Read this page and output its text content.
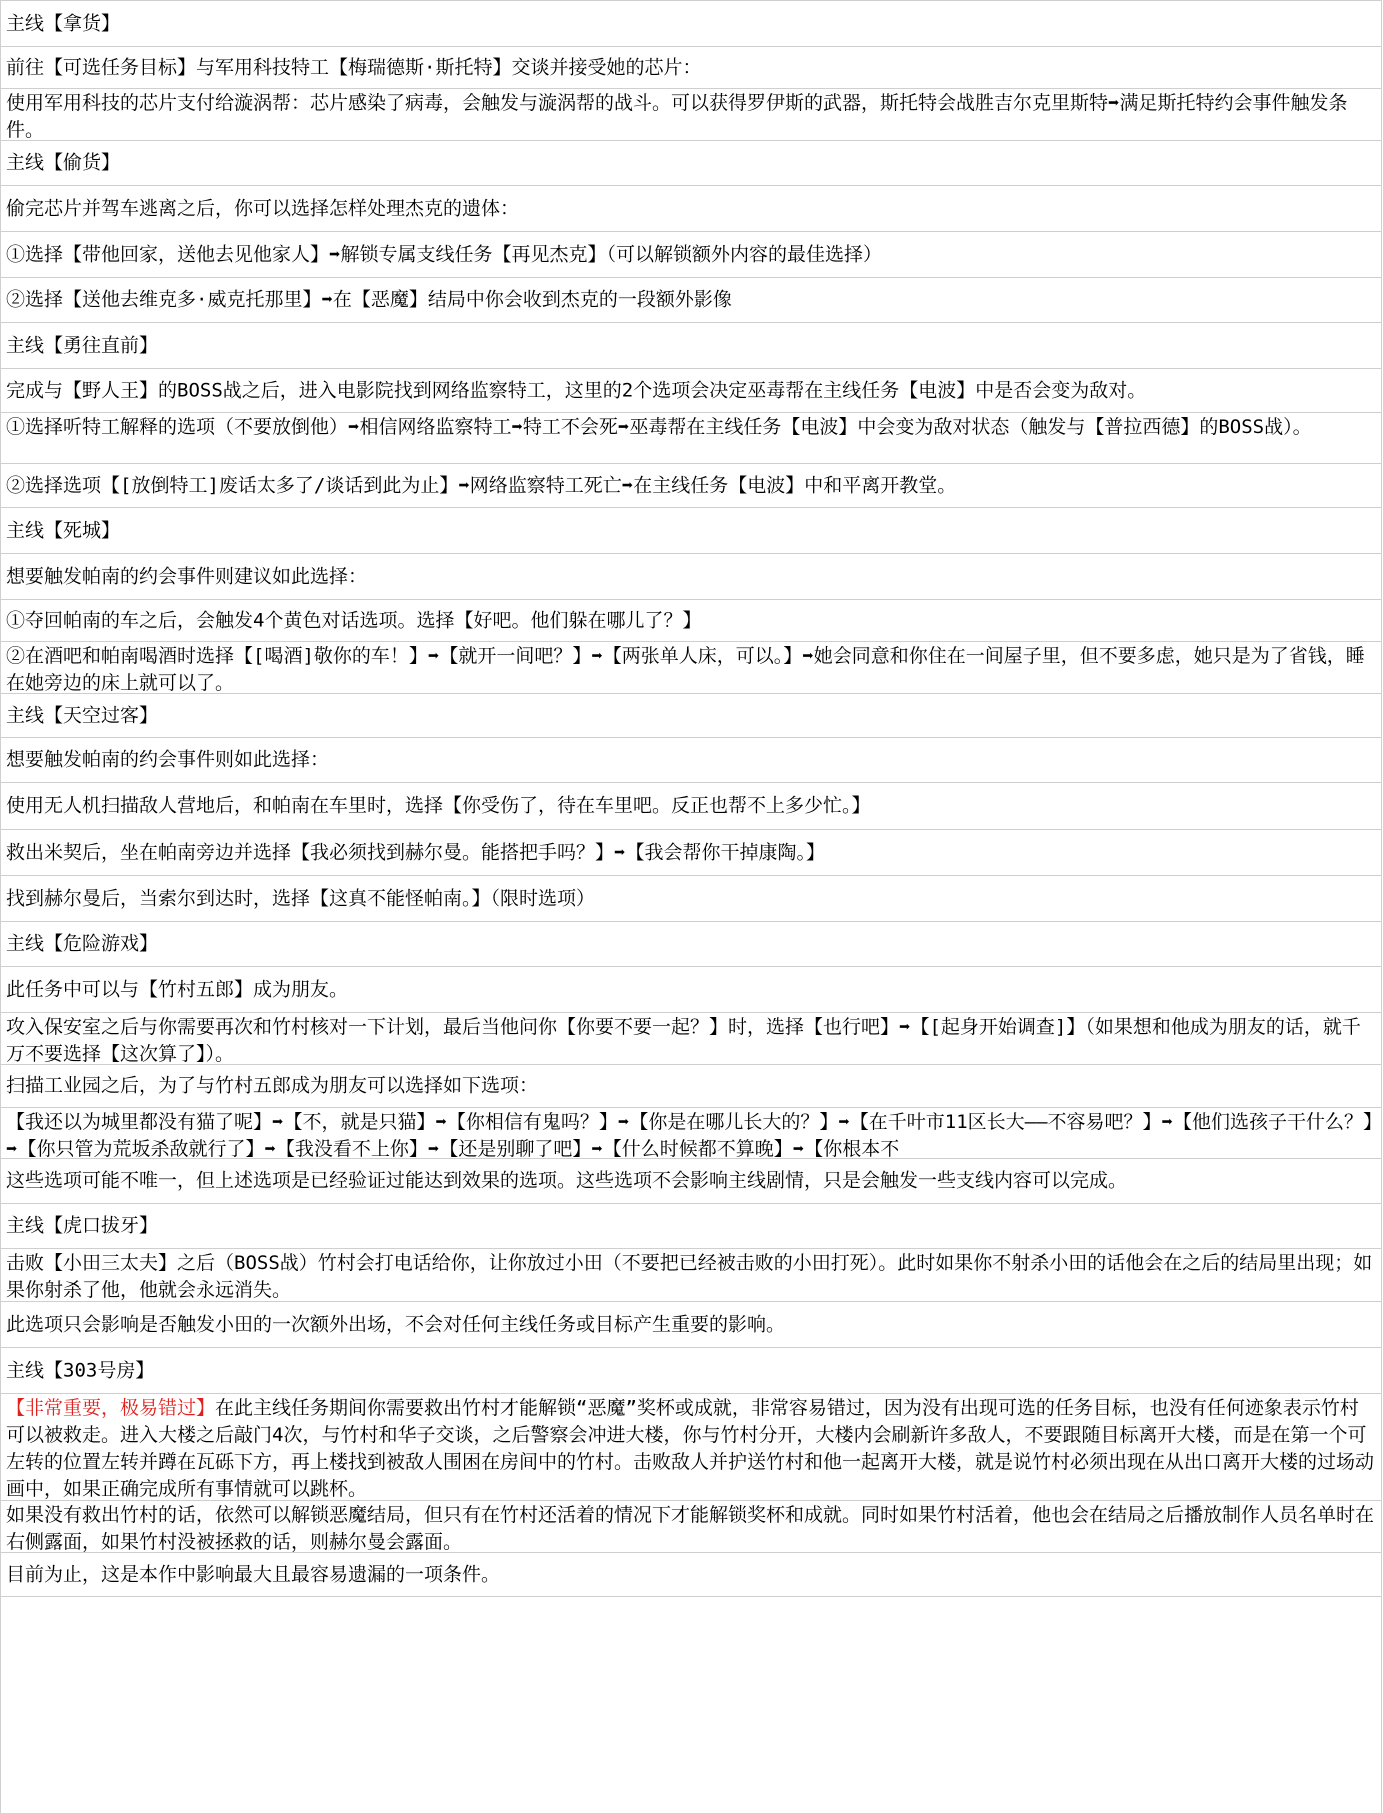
主线【拿货】
前往【可选任务目标】与军用科技特工【梅瑞德斯·斯托特】交谈并接受她的芯片：
使用军用科技的芯片支付给漩涡帮：芯片感染了病毒，会触发与漩涡帮的战斗。可以获得罗伊斯的武器，斯托特会战胜吉尔克里斯特➡满足斯托特约会事件触发条件。
主线【偷货】
偷完芯片并驾车逃离之后，你可以选择怎样处理杰克的遗体：
①选择【带他回家，送他去见他家人】➡解锁专属支线任务【再见杰克】（可以解锁额外内容的最佳选择）
②选择【送他去维克多·威克托那里】➡在【恶魔】结局中你会收到杰克的一段额外影像
主线【勇往直前】
完成与【野人王】的BOSS战之后，进入电影院找到网络监察特工，这里的2个选项会决定巫毒帮在主线任务【电波】中是否会变为敌对。
①选择听特工解释的选项（不要放倒他）➡相信网络监察特工➡特工不会死➡巫毒帮在主线任务【电波】中会变为敌对状态（触发与【普拉西德】的BOSS战）。
②选择选项【[放倒特工]废话太多了/谈话到此为止】➡网络监察特工死亡➡在主线任务【电波】中和平离开教堂。
主线【死城】
想要触发帕南的约会事件则建议如此选择：
①夺回帕南的车之后，会触发4个黄色对话选项。选择【好吧。他们躲在哪儿了？】
②在酒吧和帕南喝酒时选择【[喝酒]敬你的车！】➡【就开一间吧？】➡【两张单人床，可以。】➡她会同意和你住在一间屋子里，但不要多虑，她只是为了省钱，睡在她旁边的床上就可以了。
主线【天空过客】
想要触发帕南的约会事件则如此选择：
使用无人机扫描敌人营地后，和帕南在车里时，选择【你受伤了，待在车里吧。反正也帮不上多少忙。】
救出米契后，坐在帕南旁边并选择【我必须找到赫尔曼。能搭把手吗？】➡【我会帮你干掉康陶。】
找到赫尔曼后，当索尔到达时，选择【这真不能怪帕南。】（限时选项）
主线【危险游戏】
此任务中可以与【竹村五郎】成为朋友。
攻入保安室之后与你需要再次和竹村核对一下计划，最后当他问你【你要不要一起？】时，选择【也行吧】➡【[起身开始调查]】（如果想和他成为朋友的话，就千万不要选择【这次算了】）。
扫描工业园之后，为了与竹村五郎成为朋友可以选择如下选项：
【我还以为城里都没有猫了呢】➡【不，就是只猫】➡【你相信有鬼吗？】➡【你是在哪儿长大的？】➡【在千叶市11区长大——不容易吧？】➡【他们选孩子干什么？】➡【你只管为荒坂杀敌就行了】➡【我没看不上你】➡【还是别聊了吧】➡【什么时候都不算晚】➡【你根本不
这些选项可能不唯一，但上述选项是已经验证过能达到效果的选项。这些选项不会影响主线剧情，只是会触发一些支线内容可以完成。
主线【虎口拔牙】
击败【小田三太夫】之后（BOSS战）竹村会打电话给你，让你放过小田（不要把已经被击败的小田打死）。此时如果你不射杀小田的话他会在之后的结局里出现；如果你射杀了他，他就会永远消失。
此选项只会影响是否触发小田的一次额外出场，不会对任何主线任务或目标产生重要的影响。
主线【303号房】
【非常重要，极易错过】在此主线任务期间你需要救出竹村才能解锁“恶魔”奖杯或成就，非常容易错过，因为没有出现可选的任务目标，也没有任何迹象表示竹村可以被救走。进入大楼之后敲门4次，与竹村和华子交谈，之后警察会冲进大楼，你与竹村分开，大楼内会刷新许多敌人，不要跟随目标离开大楼，而是在第一个可左转的位置左转并蹲在瓦砾下方，再上楼找到被敌人围困在房间中的竹村。击败敌人并护送竹村和他一起离开大楼，就是说竹村必须出现在从出口离开大楼的过场动画中，如果正确完成所有事情就可以跳杯。
如果没有救出竹村的话，依然可以解锁恶魔结局，但只有在竹村还活着的情况下才能解锁奖杯和成就。同时如果竹村活着，他也会在结局之后播放制作人员名单时在右侧露面，如果竹村没被拯救的话，则赫尔曼会露面。
目前为止，这是本作中影响最大且最容易遗漏的一项条件。
